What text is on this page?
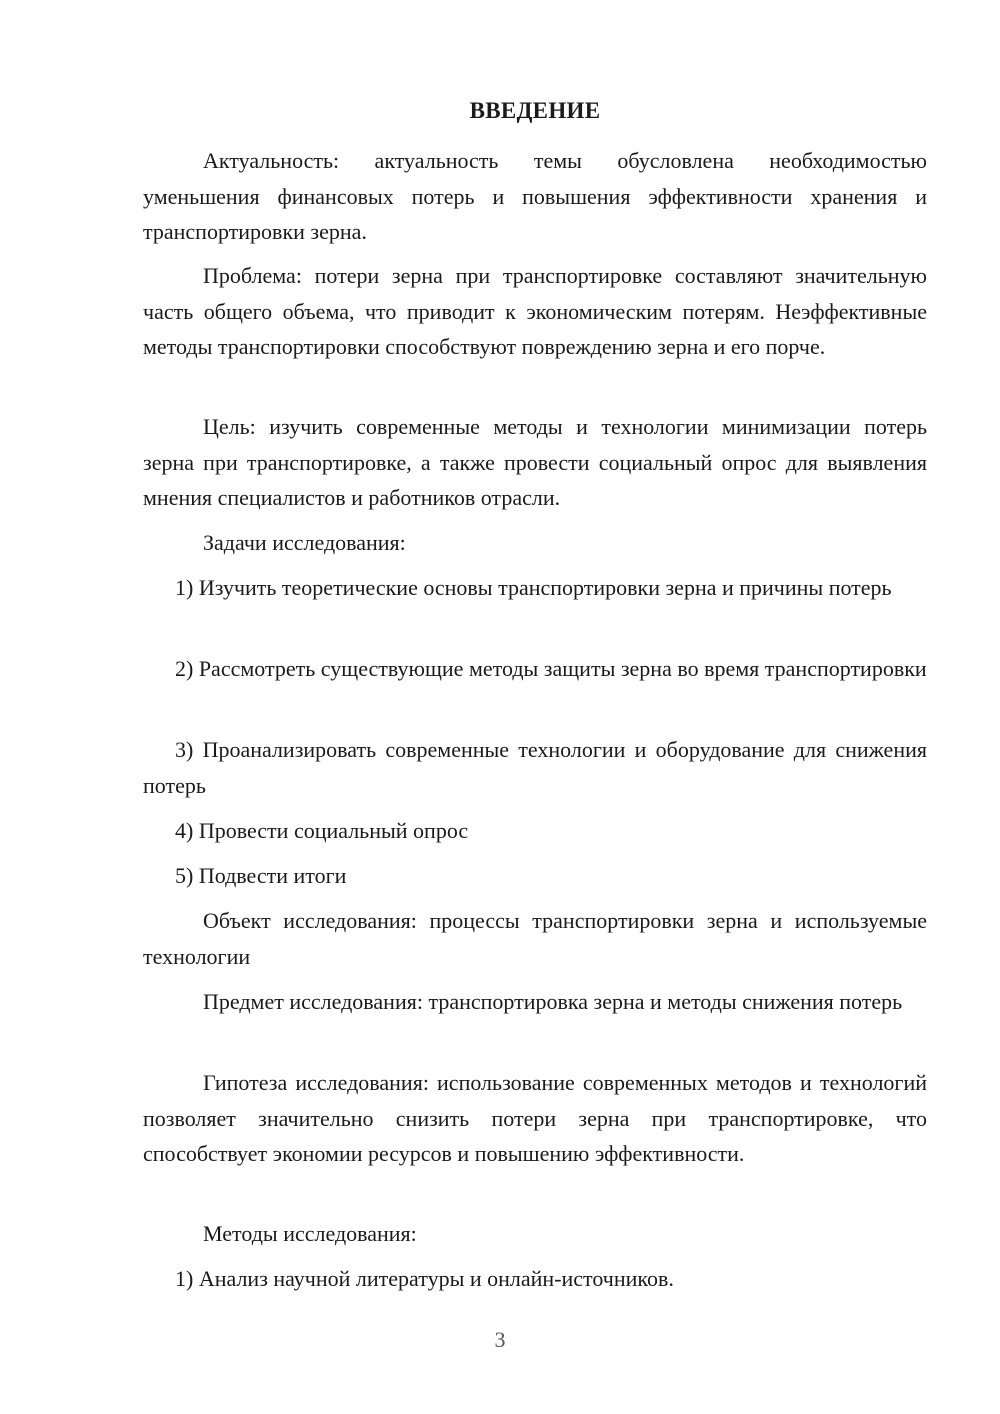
ВВЕДЕНИЕ

Актуальность: актуальность темы обусловлена необходимостью уменьшения финансовых потерь и повышения эффективности хранения и транспортировки зерна.

Проблема: потери зерна при транспортировке составляют значительную часть общего объема, что приводит к экономическим потерям. Неэффективные методы транспортировки способствуют повреждению зерна и его порче.

Цель: изучить современные методы и технологии минимизации потерь зерна при транспортировке, а также провести социальный опрос для выявления мнения специалистов и работников отрасли.

Задачи исследования:

1) Изучить теоретические основы транспортировки зерна и причины потерь

2) Рассмотреть существующие методы защиты зерна во время транспортировки

3) Проанализировать современные технологии и оборудование для снижения потерь

4) Провести социальный опрос

5) Подвести итоги

Объект исследования: процессы транспортировки зерна и используемые технологии

Предмет исследования: транспортировка зерна и методы снижения потерь

Гипотеза исследования: использование современных методов и технологий позволяет значительно снизить потери зерна при транспортировке, что способствует экономии ресурсов и повышению эффективности.

Методы исследования:

1) Анализ научной литературы и онлайн-источников.

3
